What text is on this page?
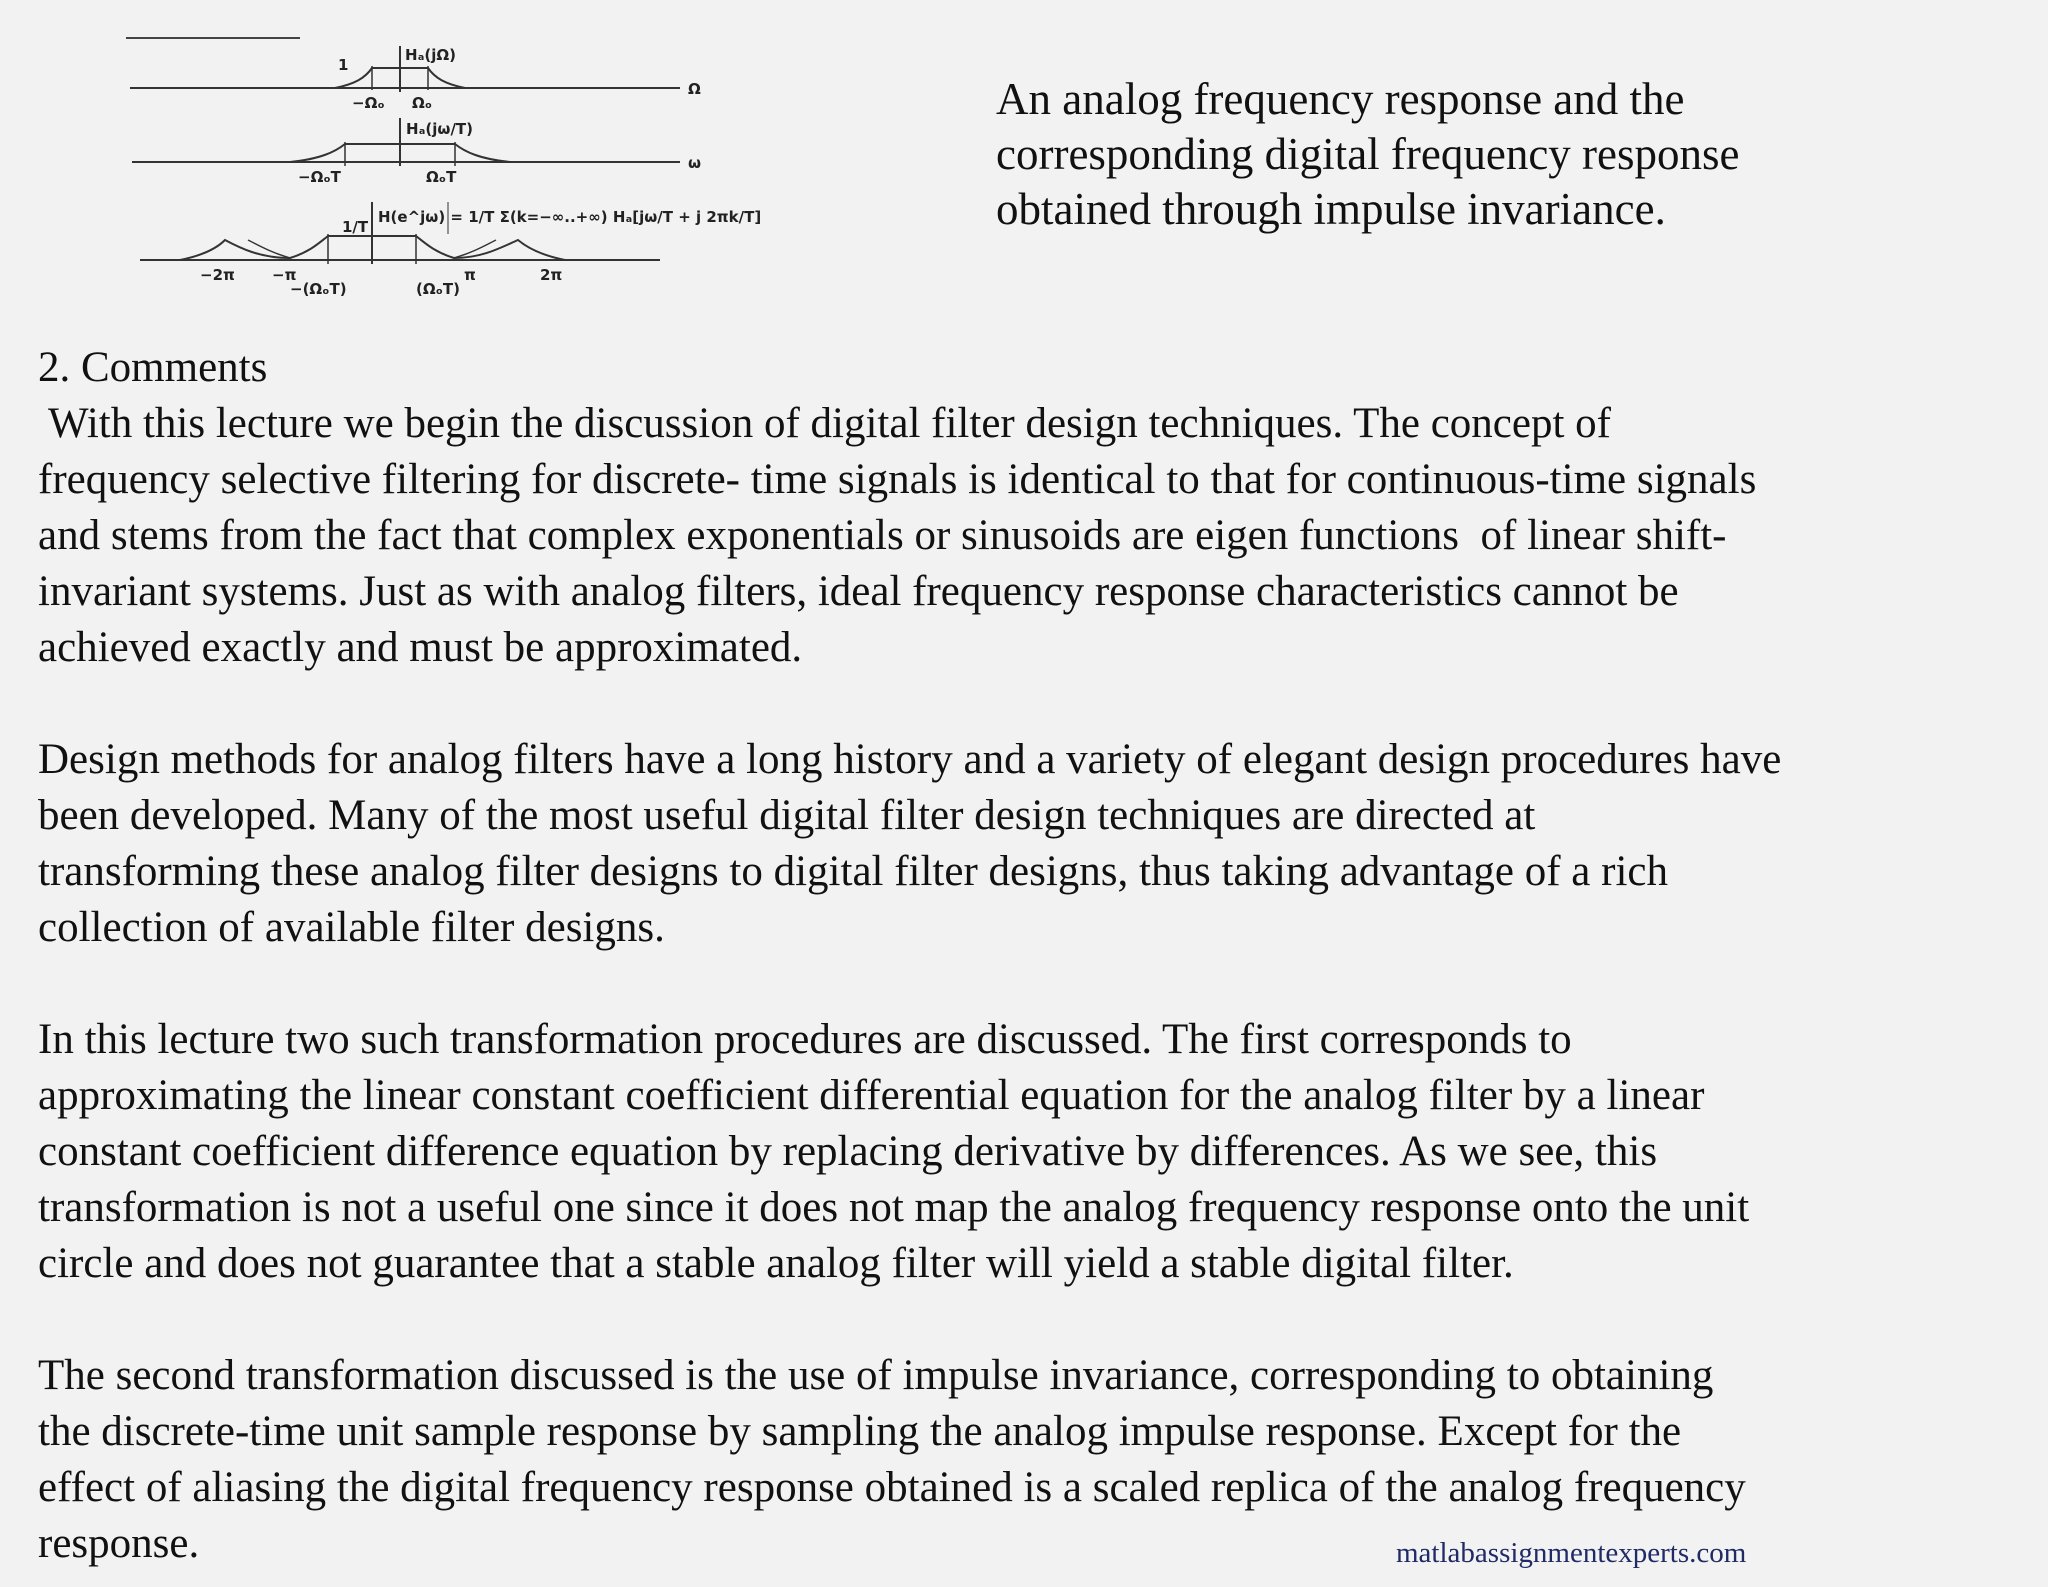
Hₐ(jΩ)
1
Ω
−Ωₒ Ωₒ
Hₐ(jω/T)
ω
−ΩₒT	ΩₒT
H(e^jω) = 1/T Σ(k=−∞..+∞) Hₐ[jω/T + j 2πk/T]
1/T
−2π −π	π	2π
−(ΩₒT)	(ΩₒT)
An analog frequency response and the
corresponding digital frequency response
obtained through impulse invariance.
2. Comments
With this lecture we begin the discussion of digital filter design techniques. The concept of
frequency selective filtering for discrete- time signals is identical to that for continuous-time signals
and stems from the fact that complex exponentials or sinusoids are eigen functions  of linear shift-
invariant systems. Just as with analog filters, ideal frequency response characteristics cannot be
achieved exactly and must be approximated.
Design methods for analog filters have a long history and a variety of elegant design procedures have
been developed. Many of the most useful digital filter design techniques are directed at
transforming these analog filter designs to digital filter designs, thus taking advantage of a rich
collection of available filter designs.
In this lecture two such transformation procedures are discussed. The first corresponds to
approximating the linear constant coefficient differential equation for the analog filter by a linear
constant coefficient difference equation by replacing derivative by differences. As we see, this
transformation is not a useful one since it does not map the analog frequency response onto the unit
circle and does not guarantee that a stable analog filter will yield a stable digital filter.
The second transformation discussed is the use of impulse invariance, corresponding to obtaining
the discrete-time unit sample response by sampling the analog impulse response. Except for the
effect of aliasing the digital frequency response obtained is a scaled replica of the analog frequency
response.	matlabassignmentexperts.com
